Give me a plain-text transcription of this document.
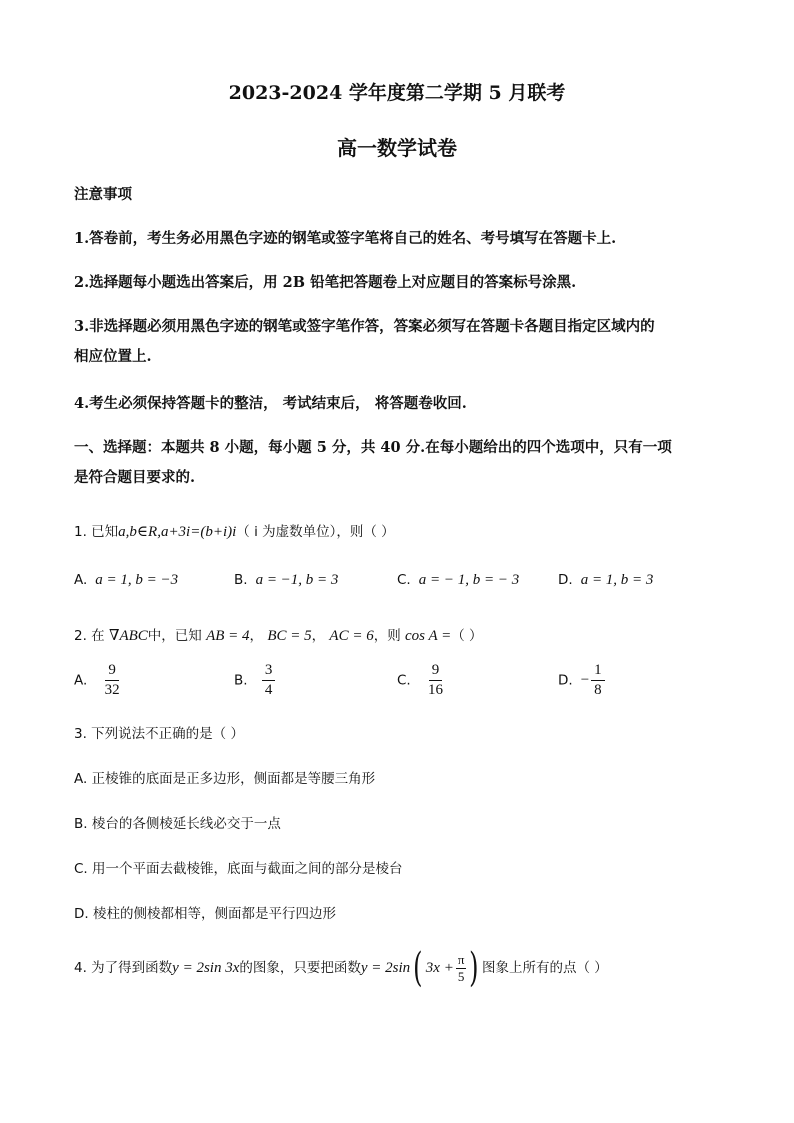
2023-2024 学年度第二学期 5 月联考
高一数学试卷
注意事项
1.答卷前，考生务必用黑色字迹的钢笔或签字笔将自己的姓名、考号填写在答题卡上.
2.选择题每小题选出答案后，用 2B 铅笔把答题卷上对应题目的答案标号涂黑.
3.非选择题必须用黑色字迹的钢笔或签字笔作答，答案必须写在答题卡各题目指定区域内的
相应位置上.
4.考生必须保持答题卡的整洁， 考试结束后， 将答题卷收回.
一、选择题：本题共 8 小题，每小题 5 分，共 40 分.在每小题给出的四个选项中，只有一项
是符合题目要求的.
1. 已知a,b∈R,a+3i=(b+i)i（ i 为虚数单位），则（ ）
A. a = 1, b = −3	B. a = −1, b = 3	C. a = − 1, b = − 3	D. a = 1, b = 3
2. 在 ∇ABC中，已知 AB = 4， BC = 5， AC = 6，则 cos A =（ ）
A. $\frac{9}{32}$	B. $\frac{3}{4}$	C. $\frac{9}{16}$	D. − $\frac{1}{8}$
3. 下列说法不正确的是（ ）
A. 正棱锥的底面是正多边形，侧面都是等腰三角形
B. 棱台的各侧棱延长线必交于一点
C. 用一个平面去截棱锥，底面与截面之间的部分是棱台
D. 棱柱的侧棱都相等，侧面都是平行四边形
4. 为了得到函数y = 2sin 3x的图象，只要把函数y = 2sin( $3x + \frac{\pi}{5}$ ) 图象上所有的点（ ）
